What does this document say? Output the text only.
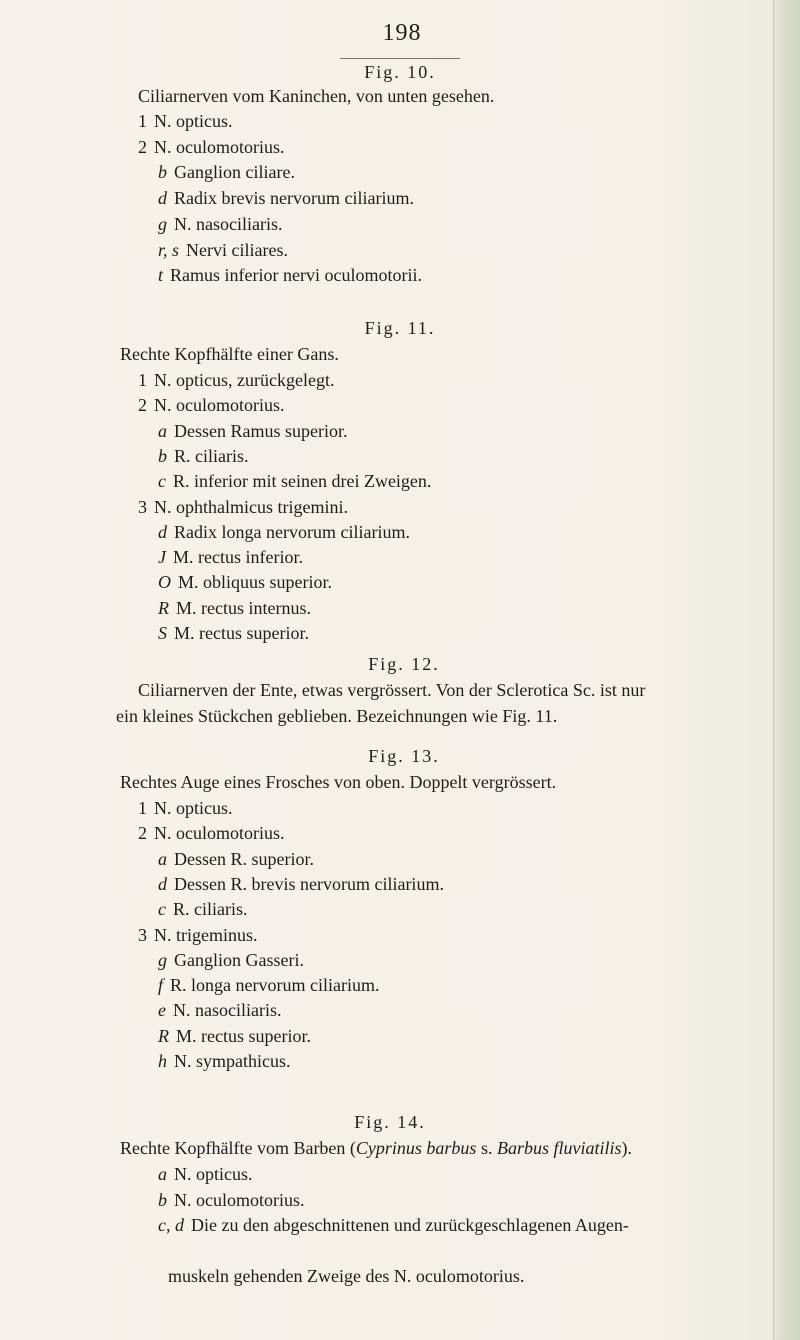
198
Fig. 10.
Ciliarnerven vom Kaninchen, von unten gesehen.
1 N. opticus.
2 N. oculomotorius.
b Ganglion ciliare.
d Radix brevis nervorum ciliarium.
g N. nasociliaris.
r, s Nervi ciliares.
t Ramus inferior nervi oculomotorii.
Fig. 11.
Rechte Kopfhälfte einer Gans.
1 N. opticus, zurückgelegt.
2 N. oculomotorius.
a Dessen Ramus superior.
b R. ciliaris.
c R. inferior mit seinen drei Zweigen.
3 N. ophthalmicus trigemini.
d Radix longa nervorum ciliarium.
J M. rectus inferior.
O M. obliquus superior.
R M. rectus internus.
S M. rectus superior.
Fig. 12.
Ciliarnerven der Ente, etwas vergrössert. Von der Sclerotica Sc. ist nur
ein kleines Stückchen geblieben. Bezeichnungen wie Fig. 11.
Fig. 13.
Rechtes Auge eines Frosches von oben. Doppelt vergrössert.
1 N. opticus.
2 N. oculomotorius.
a Dessen R. superior.
d Dessen R. brevis nervorum ciliarium.
c R. ciliaris.
3 N. trigeminus.
g Ganglion Gasseri.
f R. longa nervorum ciliarium.
e N. nasociliaris.
R M. rectus superior.
h N. sympathicus.
Fig. 14.
Rechte Kopfhälfte vom Barben (Cyprinus barbus s. Barbus fluviatilis).
a N. opticus.
b N. oculomotorius.
c, d Die zu den abgeschnittenen und zurückgeschlagenen Augen-
muskeln gehenden Zweige des N. oculomotorius.
